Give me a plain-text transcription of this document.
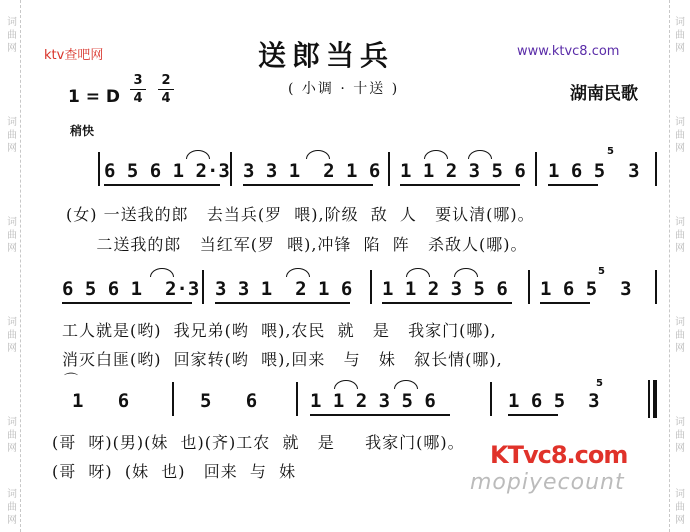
词
曲
网
词
曲
网
词
曲
网
词
曲
网
词
曲
网
词
曲
网
词
曲
网
词
曲
网
词
曲
网
词
曲
网
词
曲
网
词
曲
网
ktv查吧网	www.ktvc8.com
送郎当兵
( 小调 · 十送 )	湖南民歌
1 = D $\frac{3}{4} \frac{2}{4}$
稍快
6 5 6 1 2·3 3 3 1  2 1 6 1 1 2 3 5 6 1 6 5  3
5
(女) 一送我的郎   去当兵(罗  喂),阶级  敌  人   要认清(哪)。
二送我的郎   当红军(罗  喂),冲锋  陷  阵   杀敌人(哪)。
6 5 6 1  2·3 3 3 1  2 1 6 1 1 2 3 5 6 1 6 5  3
5
工人就是(哟)  我兄弟(哟  喂),农民  就   是   我家门(哪),
消灭白匪(哟)  回家转(哟  喂),回来   与   妹   叙长情(哪),
⌒
1   6	5   6	1 1 2 3 5 6	1 6 5  3
5
(哥  呀)(男)(妹  也)(齐)工农  就   是     我家门(哪)。
(哥  呀)  (妹  也)   回来  与  妹
KTvc8.com
mopiyecount
